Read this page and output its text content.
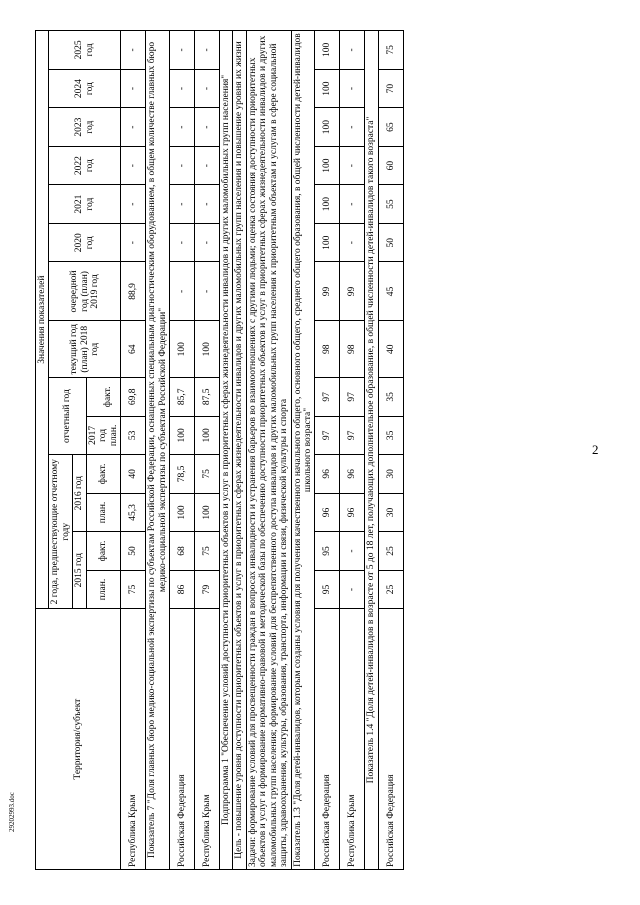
2
29202993.doc
Территория/субъект	Значения показателей													
	2 года, предшествующие отчетному году				отчетный год		текущий год (план) 2018 год	очередной год (план) 2019 год	2020 год	2021 год	2022 год	2023 год	2024 год	2025 год
	2015 год		2016 год											
	план.	факт.	план.	факт.	2017 год
план.	факт.								
Республика Крым	75	50	45,3	40	53	69,8	64	88,9	-	-	-	-	-	-
Показатель 7 "Доля главных бюро медико-социальной экспертизы по субъектам Российской Федерации, оснащенных специальным диагностическим оборудованием, в общем количестве главных бюро медико-социальной экспертизы по субъектам Российской Федерации"														
Российская Федерация	86	68	100	78,5	100	85,7	100	-	-	-	-	-	-	-
Республика Крым	79	75	100	75	100	87,5	100	-	-	-	-	-	-	-
Подпрограмма 1 "Обеспечение условий доступности приоритетных объектов и услуг в приоритетных сферах жизнедеятельности инвалидов и других маломобильных групп населения"														
Цель - повышение уровня доступности приоритетных объектов и услуг в приоритетных сферах жизнедеятельности инвалидов и других маломобильных групп населения и повышение уровня их жизни														
Задачи: формирование условий для просвещенности граждан в вопросах инвалидности и устранения барьеров во взаимоотношениях с другими людьми; оценка состояния доступности приоритетных объектов и услуг и формирование нормативно-правовой и методической базы по обеспечению доступности приоритетных объектов и услуг в приоритетных сферах жизнедеятельности инвалидов и других маломобильных групп населения; формирование условий для беспрепятственного доступа инвалидов и других маломобильных групп населения к приоритетным объектам и услугам в сфере социальной защиты, здравоохранения, культуры, образования, транспорта, информации и связи, физической культуры и спорта														
Показатель 1.3 "Доля детей-инвалидов, которым созданы условия для получения качественного начального общего, основного общего, среднего общего образования, в общей численности детей-инвалидов школьного возраста"														
Российская Федерация	95	95	96	96	97	97	98	99	100	100	100	100	100	100
Республика Крым	-	-	96	96	97	97	98	99	-	-	-	-	-	-
Показатель 1.4 "Доля детей-инвалидов в возрасте от 5 до 18 лет, получающих дополнительное образование, в общей численности детей-инвалидов такого возраста"														
Российская Федерация	25	25	30	30	35	35	40	45	50	55	60	65	70	75
